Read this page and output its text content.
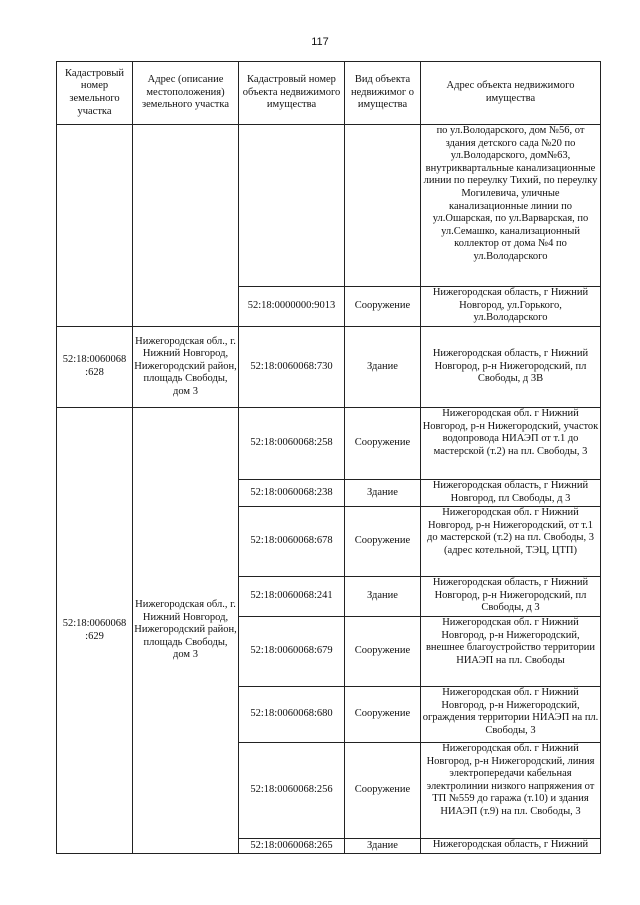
117
Кадастровый номер земельного участка	Адрес (описание местоположения) земельного участка	Кадастровый номер объекта недвижимого имущества	Вид объекта недвижимог о имущества	Адрес объекта недвижимого имущества
				по ул.Володарского, дом №56, от здания детского сада №20 по ул.Володарского, дом№63, внутриквартальные канализационные линии по переулку Тихий, по переулку Могилевича, уличные канализационные линии по ул.Ошарская, по ул.Варварская, по ул.Семашко, канализационный коллектор от дома №4 по ул.Володарского
		52:18:0000000:9013	Сооружение	Нижегородская область, г Нижний Новгород, ул.Горького, ул.Володарского
52:18:0060068 :628	Нижегородская обл., г. Нижний Новгород, Нижегородский район, площадь Свободы, дом 3	52:18:0060068:730	Здание	Нижегородская область, г Нижний Новгород, р-н Нижегородский, пл Свободы, д 3В
52:18:0060068 :629	Нижегородская обл., г. Нижний Новгород, Нижегородский район, площадь Свободы, дом 3	52:18:0060068:258	Сооружение	Нижегородская обл. г Нижний Новгород, р-н Нижегородский, участок водопровода НИАЭП от т.1 до мастерской (т.2) на пл. Свободы, 3
		52:18:0060068:238	Здание	Нижегородская область, г Нижний Новгород, пл Свободы, д 3
		52:18:0060068:678	Сооружение	Нижегородская обл. г Нижний Новгород, р-н Нижегородский, от т.1 до мастерской (т.2) на пл. Свободы, 3 (адрес котельной, ТЭЦ, ЦТП)
		52:18:0060068:241	Здание	Нижегородская область, г Нижний Новгород, р-н Нижегородский, пл Свободы, д 3
		52:18:0060068:679	Сооружение	Нижегородская обл. г Нижний Новгород, р-н Нижегородский, внешнее благоустройство территории НИАЭП на пл. Свободы
		52:18:0060068:680	Сооружение	Нижегородская обл. г Нижний Новгород, р-н Нижегородский, ограждения территории НИАЭП на пл. Свободы, 3
		52:18:0060068:256	Сооружение	Нижегородская обл. г Нижний Новгород, р-н Нижегородский, линия электропередачи кабельная электролинии низкого напряжения от ТП №559 до гаража (т.10) и здания НИАЭП (т.9) на пл. Свободы, 3
		52:18:0060068:265	Здание	Нижегородская область, г Нижний
